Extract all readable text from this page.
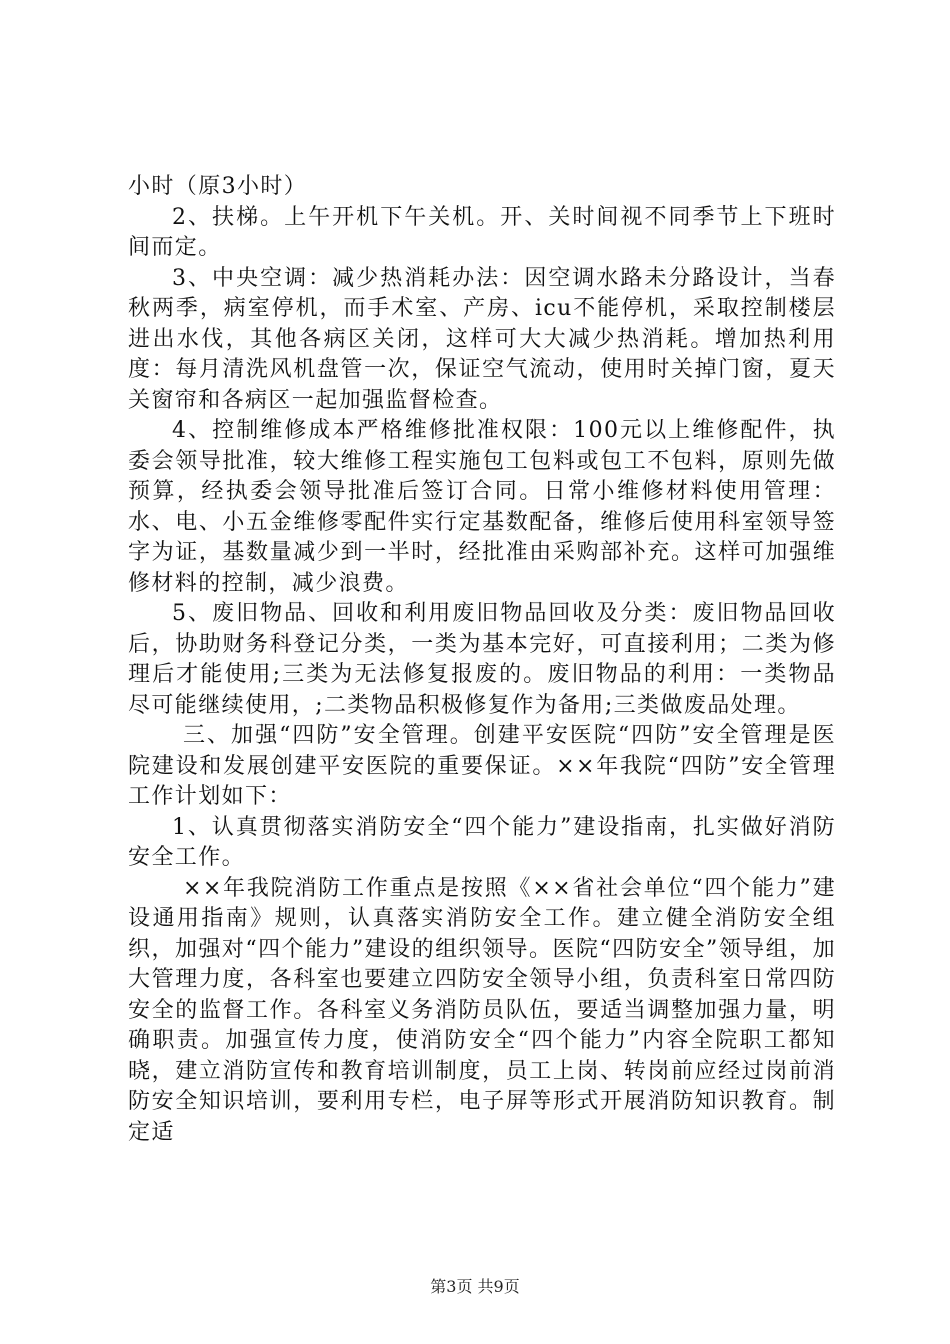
小时（原3小时）

2、扶梯。上午开机下午关机。开、关时间视不同季节上下班时间而定。

3、中央空调：减少热消耗办法：因空调水路未分路设计，当春秋两季，病室停机，而手术室、产房、icu不能停机，采取控制楼层进出水伐，其他各病区关闭，这样可大大减少热消耗。增加热利用度：每月清洗风机盘管一次，保证空气流动，使用时关掉门窗，夏天关窗帘和各病区一起加强监督检查。

4、控制维修成本严格维修批准权限：100元以上维修配件，执委会领导批准，较大维修工程实施包工包料或包工不包料，原则先做预算，经执委会领导批准后签订合同。日常小维修材料使用管理：水、电、小五金维修零配件实行定基数配备，维修后使用科室领导签字为证，基数量减少到一半时，经批准由采购部补充。这样可加强维修材料的控制，减少浪费。

5、废旧物品、回收和利用废旧物品回收及分类：废旧物品回收后，协助财务科登记分类，一类为基本完好，可直接利用；二类为修理后才能使用;三类为无法修复报废的。废旧物品的利用：一类物品尽可能继续使用，;二类物品积极修复作为备用;三类做废品处理。

三、加强“四防”安全管理。创建平安医院“四防”安全管理是医院建设和发展创建平安医院的重要保证。××年我院“四防”安全管理工作计划如下：

1、认真贯彻落实消防安全“四个能力”建设指南，扎实做好消防安全工作。

××年我院消防工作重点是按照《××省社会单位“四个能力”建设通用指南》规则，认真落实消防安全工作。建立健全消防安全组织，加强对“四个能力”建设的组织领导。医院“四防安全”领导组，加大管理力度，各科室也要建立四防安全领导小组，负责科室日常四防安全的监督工作。各科室义务消防员队伍，要适当调整加强力量，明确职责。加强宣传力度，使消防安全“四个能力”内容全院职工都知晓，建立消防宣传和教育培训制度，员工上岗、转岗前应经过岗前消防安全知识培训，要利用专栏，电子屏等形式开展消防知识教育。制定适

第3页 共9页
